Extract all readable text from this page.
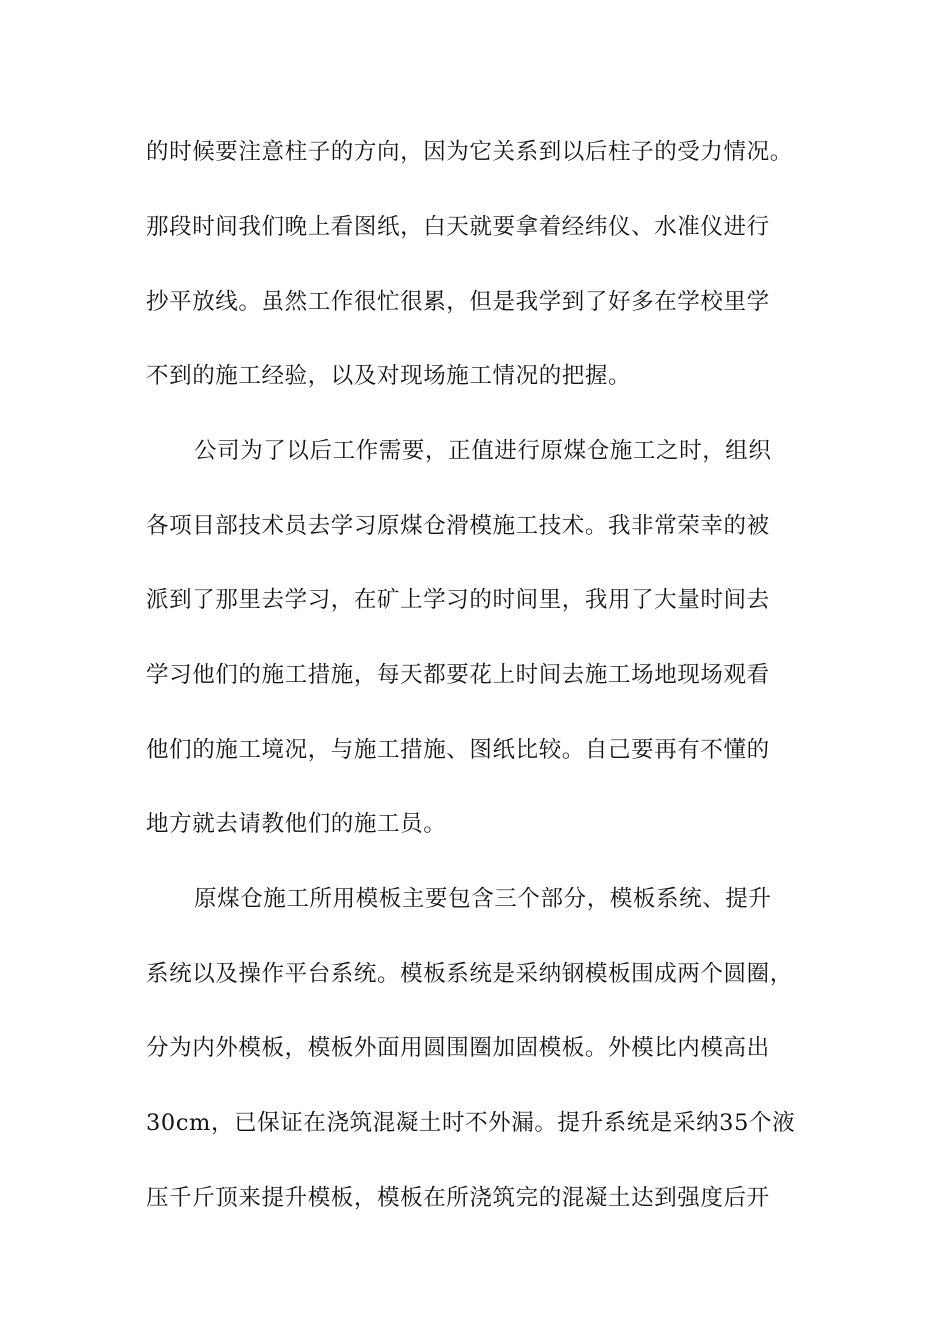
的时候要注意柱子的方向，因为它关系到以后柱子的受力情况。
那段时间我们晚上看图纸，白天就要拿着经纬仪、水准仪进行
抄平放线。虽然工作很忙很累，但是我学到了好多在学校里学
不到的施工经验，以及对现场施工情况的把握。
公司为了以后工作需要，正值进行原煤仓施工之时，组织
各项目部技术员去学习原煤仓滑模施工技术。我非常荣幸的被
派到了那里去学习，在矿上学习的时间里，我用了大量时间去
学习他们的施工措施，每天都要花上时间去施工场地现场观看
他们的施工境况，与施工措施、图纸比较。自己要再有不懂的
地方就去请教他们的施工员。
原煤仓施工所用模板主要包含三个部分，模板系统、提升
系统以及操作平台系统。模板系统是采纳钢模板围成两个圆圈，
分为内外模板，模板外面用圆围圈加固模板。外模比内模高出
30cm，已保证在浇筑混凝土时不外漏。提升系统是采纳35个液
压千斤顶来提升模板，模板在所浇筑完的混凝土达到强度后开
